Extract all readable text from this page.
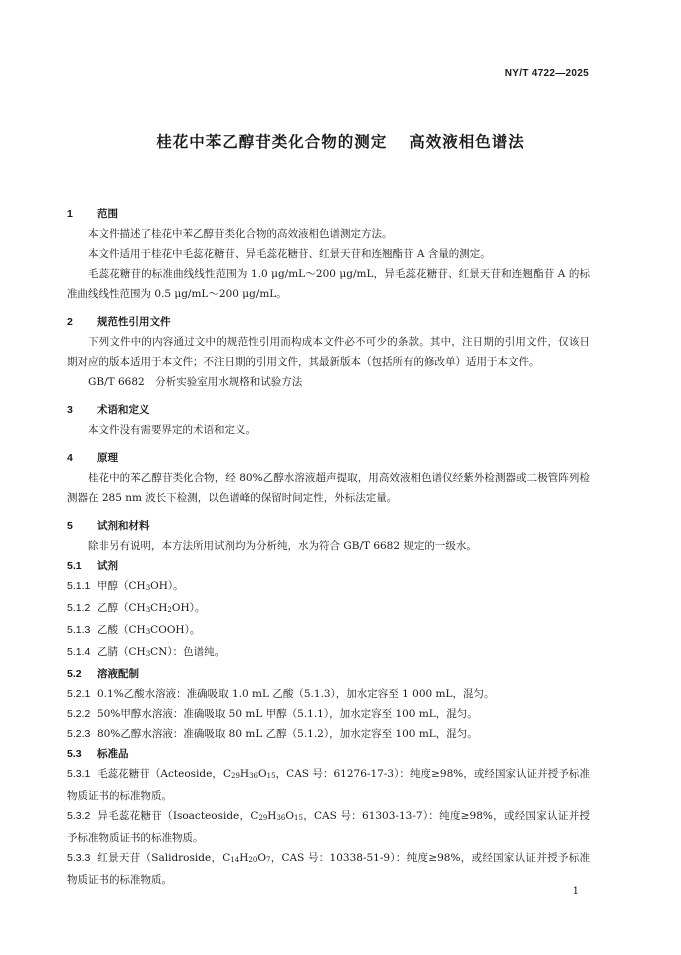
NY/T 4722—2025
桂花中苯乙醇苷类化合物的测定 高效液相色谱法
1 范围
本文件描述了桂花中苯乙醇苷类化合物的高效液相色谱测定方法。
本文件适用于桂花中毛蕊花糖苷、异毛蕊花糖苷、红景天苷和连翘酯苷 A 含量的测定。
毛蕊花糖苷的标准曲线线性范围为 1.0 μg/mL～200 μg/mL，异毛蕊花糖苷、红景天苷和连翘酯苷 A 的标准曲线线性范围为 0.5 μg/mL～200 μg/mL。
2 规范性引用文件
下列文件中的内容通过文中的规范性引用而构成本文件必不可少的条款。其中，注日期的引用文件，仅该日期对应的版本适用于本文件；不注日期的引用文件，其最新版本（包括所有的修改单）适用于本文件。
GB/T 6682　分析实验室用水规格和试验方法
3 术语和定义
本文件没有需要界定的术语和定义。
4 原理
桂花中的苯乙醇苷类化合物，经 80%乙醇水溶液超声提取，用高效液相色谱仪经紫外检测器或二极管阵列检测器在 285 nm 波长下检测，以色谱峰的保留时间定性，外标法定量。
5 试剂和材料
除非另有说明，本方法所用试剂均为分析纯，水为符合 GB/T 6682 规定的一级水。
5.1 试剂
5.1.1 甲醇（CH3OH）。
5.1.2 乙醇（CH3CH2OH）。
5.1.3 乙酸（CH3COOH）。
5.1.4 乙腈（CH3CN）：色谱纯。
5.2 溶液配制
5.2.1 0.1%乙酸水溶液：准确吸取 1.0 mL 乙酸（5.1.3），加水定容至 1 000 mL，混匀。
5.2.2 50%甲醇水溶液：准确吸取 50 mL 甲醇（5.1.1），加水定容至 100 mL，混匀。
5.2.3 80%乙醇水溶液：准确吸取 80 mL 乙醇（5.1.2），加水定容至 100 mL，混匀。
5.3 标准品
5.3.1 毛蕊花糖苷（Acteoside，C29H36O15，CAS 号：61276-17-3）：纯度≥98%，或经国家认证并授予标准物质证书的标准物质。
5.3.2 异毛蕊花糖苷（Isoacteoside，C29H36O15，CAS 号：61303-13-7）：纯度≥98%，或经国家认证并授予标准物质证书的标准物质。
5.3.3 红景天苷（Salidroside，C14H20O7，CAS 号：10338-51-9）：纯度≥98%，或经国家认证并授予标准物质证书的标准物质。
1
